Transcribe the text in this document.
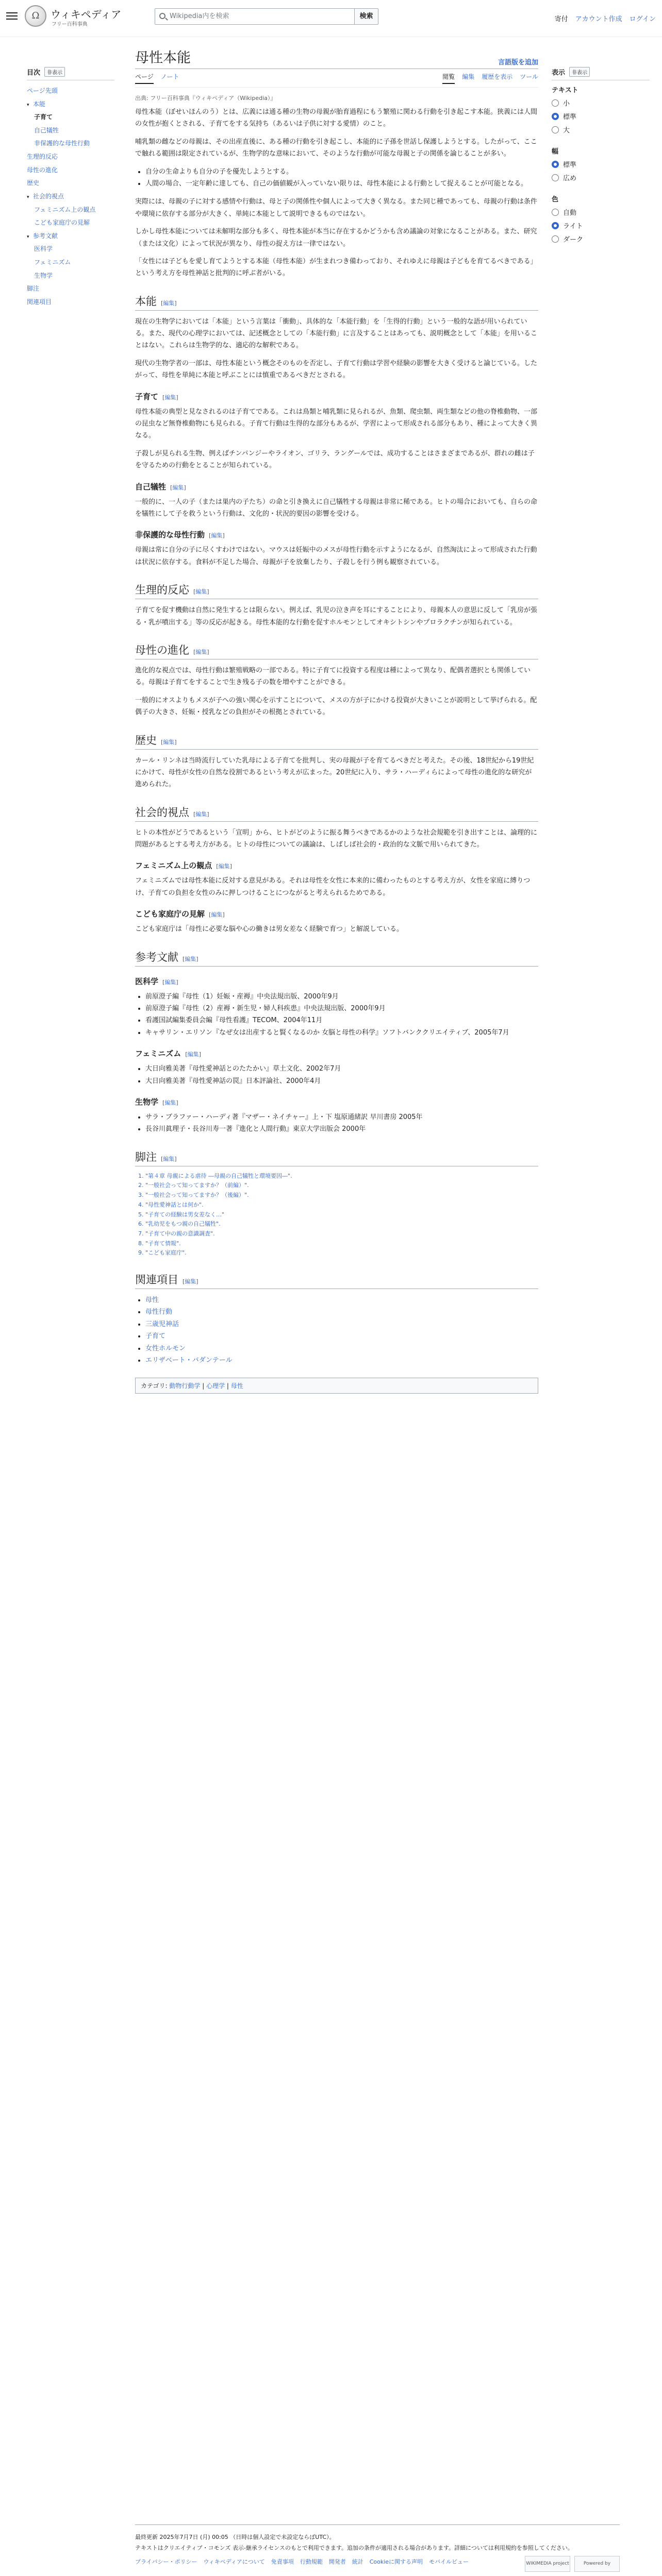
Ω	ウィキペディア
フリー百科事典
Wikipedia内を検索	検索	寄付 アカウント作成 ログイン
目次	非表示
ページ先頭
▾ 本能
子育て
自己犠牲
非保護的な母性行動
生理的反応
母性の進化
歴史
▾ 社会的視点
フェミニズム上の観点
こども家庭庁の見解
▾ 参考文献
医科学
フェミニズム
生物学
脚注
関連項目
母性本能	言語版を追加
ページ ノート	閲覧 編集 履歴を表示 ツール
出典: フリー百科事典『ウィキペディア（Wikipedia）』

母性本能（ぼせいほんのう）とは、広義には通る種の生物の母親が胎育過程にもう繁殖に関わる行動を引き起こす本能。狭義には人間の女性が抱くとされる、子育てをする気持ち（あるいは子供に対する愛情）のこと。

哺乳類の雌などの母親は、その出産直後に、ある種の行動を引き起こし、本能的に子孫を世話し保護しようとする。したがって、ここで触れる範囲は限定されているが、生物学的な意味において、そのような行動が可能な母親と子の関係を論じることが多い。

• 自分の生命よりも自分の子を優先しようとする。
• 人間の場合、一定年齢に達しても、自己の価値観が入っていない限りは、母性本能による行動として捉えることが可能となる。

実際には、母親の子に対する感情や行動は、母と子の関係性や個人によって大きく異なる。また同じ種であっても、母親の行動は条件や環境に依存する部分が大きく、単純に本能として説明できるものではない。

しかし母性本能については未解明な部分も多く、母性本能が本当に存在するかどうかも含め議論の対象になることがある。また、研究（または文化）によって状況が異なり、母性の捉え方は一律ではない。

「女性には子どもを愛し育てようとする本能（母性本能）が生まれつき備わっており、それゆえに母親は子どもを育てるべきである」という考え方を母性神話と批判的に呼ぶ者がいる。

本能 [編集]

現在の生物学においては「本能」という言葉は「衝動」、具体的な「本能行動」を「生得的行動」という一般的な語が用いられている。また、現代の心理学においては、記述概念としての「本能行動」に言及することはあっても、説明概念として「本能」を用いることはない。これらは生物学的な、適応的な解釈である。

現代の生物学者の一部は、母性本能という概念そのものを否定し、子育て行動は学習や経験の影響を大きく受けると論じている。したがって、母性を単純に本能と呼ぶことには慎重であるべきだとされる。

子育て [編集]

母性本能の典型と見なされるのは子育てである。これは鳥類と哺乳類に見られるが、魚類、爬虫類、両生類などの他の脊椎動物、一部の昆虫など無脊椎動物にも見られる。子育て行動は生得的な部分もあるが、学習によって形成される部分もあり、種によって大きく異なる。

子殺しが見られる生物、例えばチンパンジーやライオン、ゴリラ、ラングールでは、成功することはさまざまであるが、群れの雌は子を守るための行動をとることが知られている。

自己犠牲 [編集]

一般的に、一人の子（または巣内の子たち）の命と引き換えに自己犠牲する母親は非常に稀である。ヒトの場合においても、自らの命を犠牲にして子を救うという行動は、文化的・状況的要因の影響を受ける。

非保護的な母性行動 [編集]

母親は常に自分の子に尽くすわけではない。マウスは妊娠中のメスが母性行動を示すようになるが、自然淘汰によって形成された行動は状況に依存する。食料が不足した場合、母親が子を放棄したり、子殺しを行う例も観察されている。

生理的反応 [編集]

子育てを促す機動は自然に発生するとは限らない。例えば、乳児の泣き声を耳にすることにより、母親本人の意思に反して「乳房が張る・乳が噴出する」等の反応が起きる。母性本能的な行動を促すホルモンとしてオキシトシンやプロラクチンが知られている。

母性の進化 [編集]

進化的な視点では、母性行動は繁殖戦略の一部である。特に子育てに投資する程度は種によって異なり、配偶者選択とも関係している。母親は子育てをすることで生き残る子の数を増やすことができる。

一般的にオスよりもメスが子への強い関心を示すことについて、メスの方が子にかける投資が大きいことが説明として挙げられる。配偶子の大きさ、妊娠・授乳などの負担がその根拠とされている。

歴史 [編集]

カール・リンネは当時流行していた乳母による子育てを批判し、実の母親が子を育てるべきだと考えた。その後、18世紀から19世紀にかけて、母性が女性の自然な役割であるという考えが広まった。20世紀に入り、サラ・ハーディらによって母性の進化的な研究が進められた。

社会的視点 [編集]

ヒトの本性がどうであるという「宣明」から、ヒトがどのように振る舞うべきであるかのような社会規範を引き出すことは、論理的に問題があるとする考え方がある。ヒトの母性についての議論は、しばしば社会的・政治的な文脈で用いられてきた。

フェミニズム上の観点 [編集]

フェミニズムでは母性本能に反対する意見がある。それは母性を女性に本来的に備わったものとする考え方が、女性を家庭に縛りつけ、子育ての負担を女性のみに押しつけることにつながると考えられるためである。

こども家庭庁の見解 [編集]

こども家庭庁は「母性に必要な脳や心の働きは男女差なく経験で育つ」と解説している。

参考文献 [編集]
医科学 [編集]
• 前原澄子編『母性（1）妊娠・産褥』中央法規出版、2000年9月
• 前原澄子編『母性（2）産褥・新生児・婦人科疾患』中央法規出版、2000年9月
• 看護国試編集委員会編『母性看護』TECOM、2004年11月
• キャサリン・エリソン『なぜ女は出産すると賢くなるのか 女脳と母性の科学』ソフトバンククリエイティブ、2005年7月
フェミニズム [編集]
• 大日向雅美著『母性愛神話とのたたかい』草土文化、2002年7月
• 大日向雅美著『母性愛神話の罠』日本評論社、2000年4月
生物学 [編集]
• サラ・ブラファー・ハーディ著『マザー・ネイチャー』上・下 塩原通緒訳 早川書房 2005年
• 長谷川眞理子・長谷川寿一著『進化と人間行動』東京大学出版会 2000年
脚注 [編集]
1. "第４章 母親による虐待 ―母親の自己犠牲と環境要因―".
2. "一般社会って知ってますか？（前編）".
3. "一般社会って知ってますか？（後編）".
4. "母性愛神話とは何か".
5. "子育ての経験は男女差なく…"
6. "乳幼児をもつ親の自己犠牲".
7. "子育て中の親の意識調査".
8. "子育て情報".
9. "こども家庭庁".
関連項目 [編集]
• 母性
• 母性行動
• 三歳児神話
• 子育て
• 女性ホルモン
• エリザベート・バダンテール
カテゴリ: 動物行動学 | 心理学 | 母性
表示	非表示
テキスト
小
標準
大
幅
標準
広め
色
自動
ライト
ダーク

最終更新 2025年7月7日 (月) 00:05 （日時は個人設定で未設定ならばUTC）。

テキストはクリエイティブ・コモンズ 表示-継承ライセンスのもとで利用できます。追加の条件が適用される場合があります。詳細については利用規約を参照してください。

プライバシー・ポリシー ウィキペディアについて 免責事項 行動規範 開発者 統計 Cookieに関する声明 モバイルビュー	WIKIMEDIA project	Powered by
